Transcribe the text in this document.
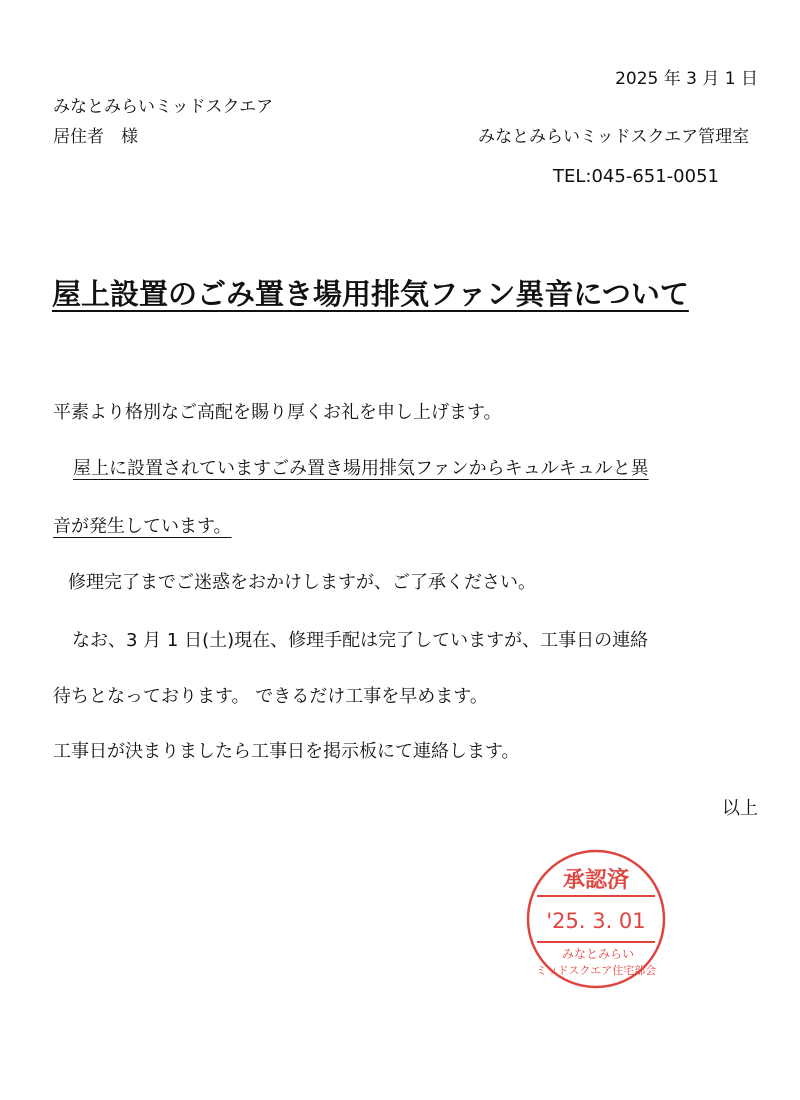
2025 年 3 月 1 日
みなとみらいミッドスクエア
居住者　様	みなとみらいミッドスクエア管理室
TEL:045-651-0051
屋上設置のごみ置き場用排気ファン異音について
平素より格別なご高配を賜り厚くお礼を申し上げます。
屋上に設置されていますごみ置き場用排気ファンからキュルキュルと異
音が発生しています。
修理完了までご迷惑をおかけしますが、ご了承ください。
なお、3 月 1 日(土)現在、修理手配は完了していますが、工事日の連絡
待ちとなっております。 できるだけ工事を早めます。
工事日が決まりましたら工事日を掲示板にて連絡します。
以上
承認済
'25. 3. 01
みなとみらい
ミッドスクエア住宅部会
